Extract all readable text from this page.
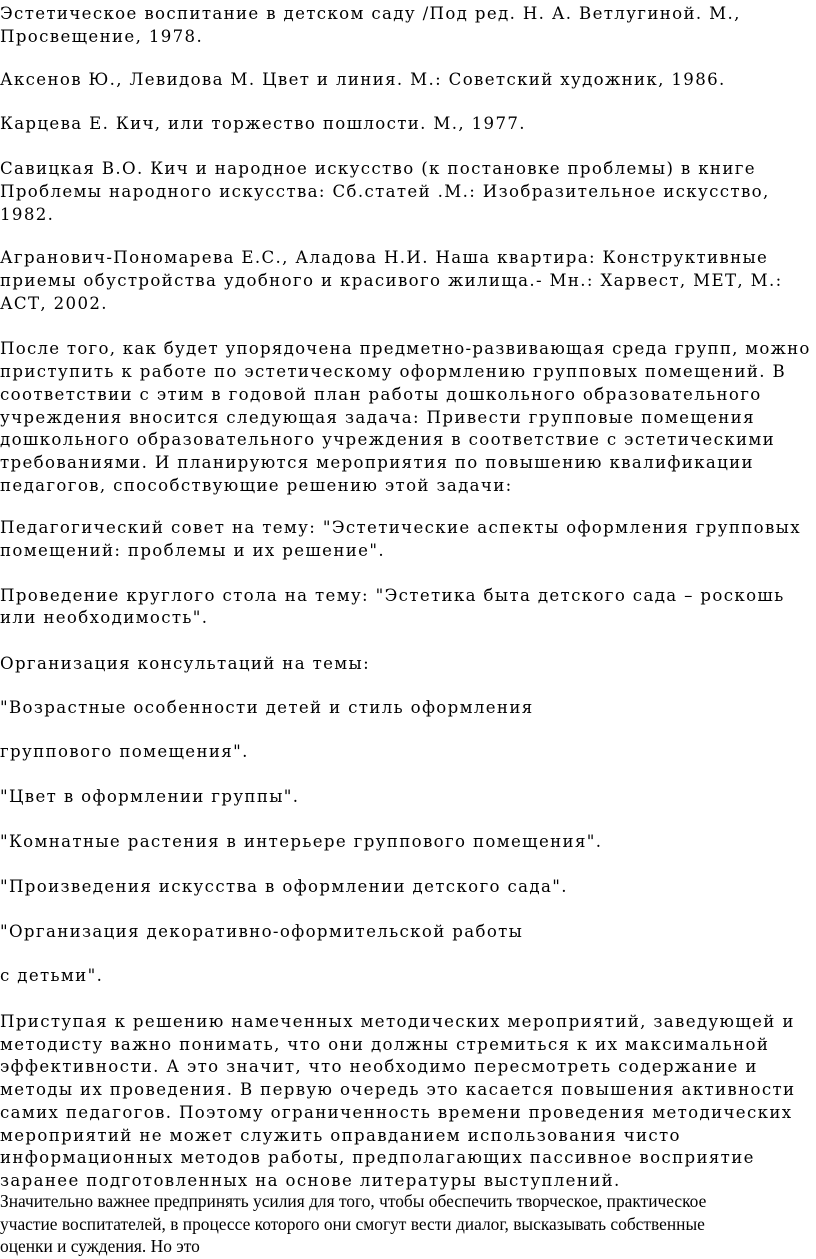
Эстетическое воспитание в детском саду /Под ред. Н. А. Ветлугиной. М.,

Просвещение, 1978.

Аксенов Ю., Левидова М. Цвет и линия. М.: Советский художник, 1986.

Карцева Е. Кич, или торжество пошлости. М., 1977.

Савицкая В.О. Кич и народное искусство (к постановке проблемы) в книге

Проблемы народного искусства: Сб.статей .М.: Изобразительное искусство,

1982.

Агранович-Пономарева Е.С., Аладова Н.И. Наша квартира: Конструктивные

приемы обустройства удобного и красивого жилища.- Мн.: Харвест, МЕТ, М.:

АСТ, 2002.

После того, как будет упорядочена предметно-развивающая среда групп, можно

приступить к работе по эстетическому оформлению групповых помещений. В

соответствии с этим в годовой план работы дошкольного образовательного

учреждения вносится следующая задача: Привести групповые помещения

дошкольного образовательного учреждения в соответствие с эстетическими

требованиями. И планируются мероприятия по повышению квалификации

педагогов, способствующие решению этой задачи:

Педагогический совет на тему: "Эстетические аспекты оформления групповых

помещений: проблемы и их решение".

Проведение круглого стола на тему: "Эстетика быта детского сада – роскошь

или необходимость".

Организация консультаций на темы:

"Возрастные особенности детей и стиль оформления

группового помещения".

"Цвет в оформлении группы".

"Комнатные растения в интерьере группового помещения".

"Произведения искусства в оформлении детского сада".

"Организация декоративно-оформительской работы

с детьми".

Приступая к решению намеченных методических мероприятий, заведующей и

методисту важно понимать, что они должны стремиться к их максимальной

эффективности. А это значит, что необходимо пересмотреть содержание и

методы их проведения. В первую очередь это касается повышения активности

самих педагогов. Поэтому ограниченность времени проведения методических

мероприятий не может служить оправданием использования чисто

информационных методов работы, предполагающих пассивное восприятие

заранее подготовленных на основе литературы выступлений.

Значительно важнее предпринять усилия для того, чтобы обеспечить творческое, практическое

участие воспитателей, в процессе которого они смогут вести диалог, высказывать собственные

оценки и суждения. Но это
